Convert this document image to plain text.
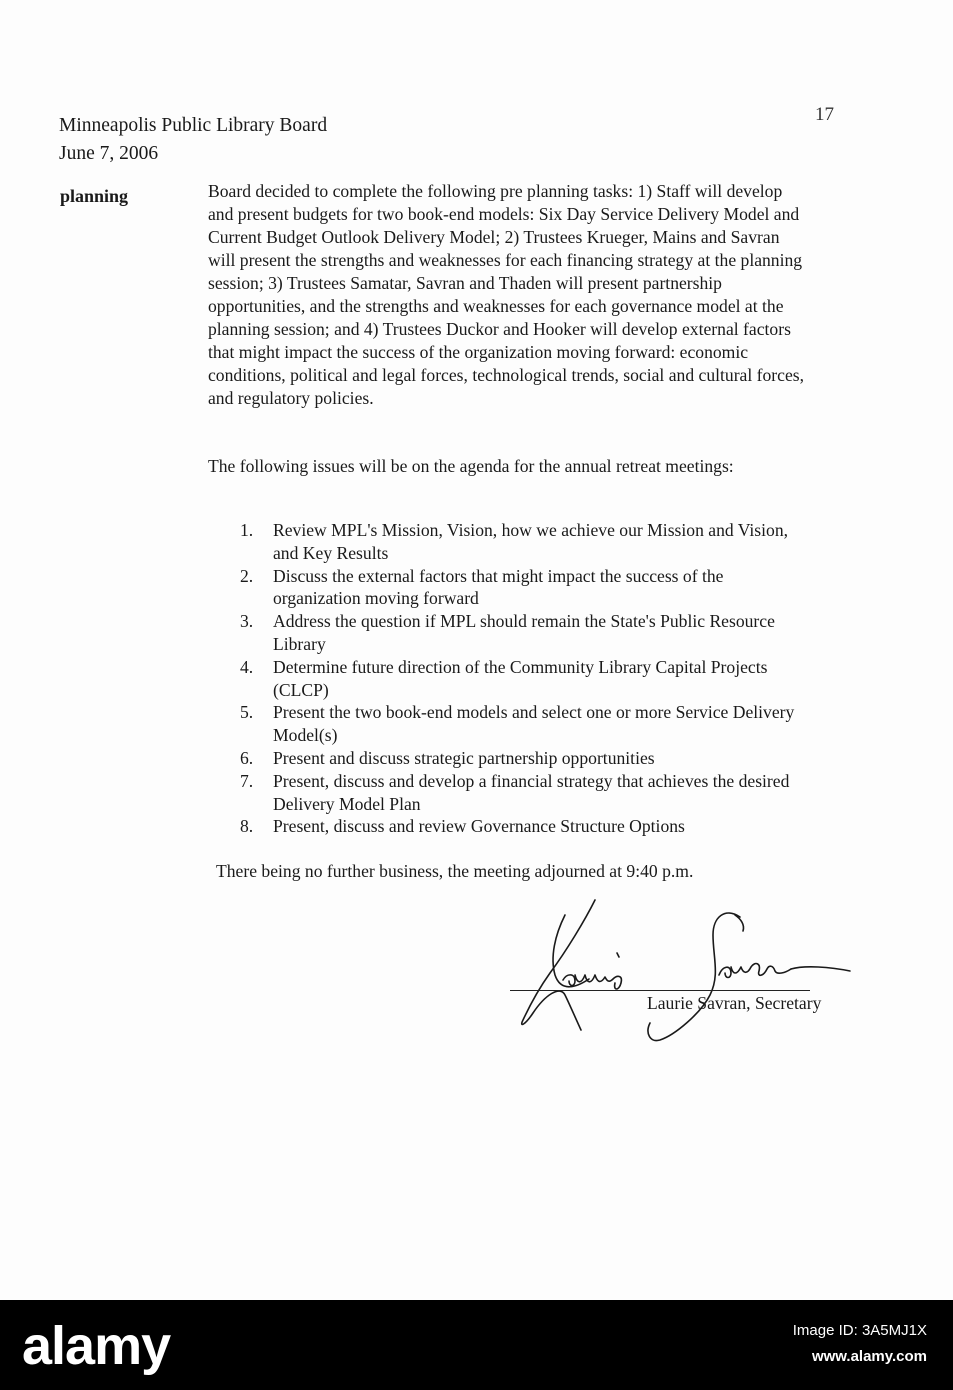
Minneapolis Public Library Board
June 7, 2006
17
planning	Board decided to complete the following pre planning tasks: 1) Staff will develop and present budgets for two book-end models: Six Day Service Delivery Model and Current Budget Outlook Delivery Model; 2) Trustees Krueger, Mains and Savran will present the strengths and weaknesses for each financing strategy at the planning session; 3) Trustees Samatar, Savran and Thaden will present partnership opportunities, and the strengths and weaknesses for each governance model at the planning session; and 4) Trustees Duckor and Hooker will develop external factors that might impact the success of the organization moving forward: economic conditions, political and legal forces, technological trends, social and cultural forces, and regulatory policies.

The following issues will be on the agenda for the annual retreat meetings:

1.	Review MPL's Mission, Vision, how we achieve our Mission and Vision, and Key Results
2.	Discuss the external factors that might impact the success of the organization moving forward
3.	Address the question if MPL should remain the State's Public Resource Library
4.	Determine future direction of the Community Library Capital Projects (CLCP)
5.	Present the two book-end models and select one or more Service Delivery Model(s)
6.	Present and discuss strategic partnership opportunities
7.	Present, discuss and develop a financial strategy that achieves the desired Delivery Model Plan
8.	Present, discuss and review Governance Structure Options
There being no further business, the meeting adjourned at 9:40 p.m.
Laurie Savran, Secretary
alamy	Image ID: 3A5MJ1X
www.alamy.com
